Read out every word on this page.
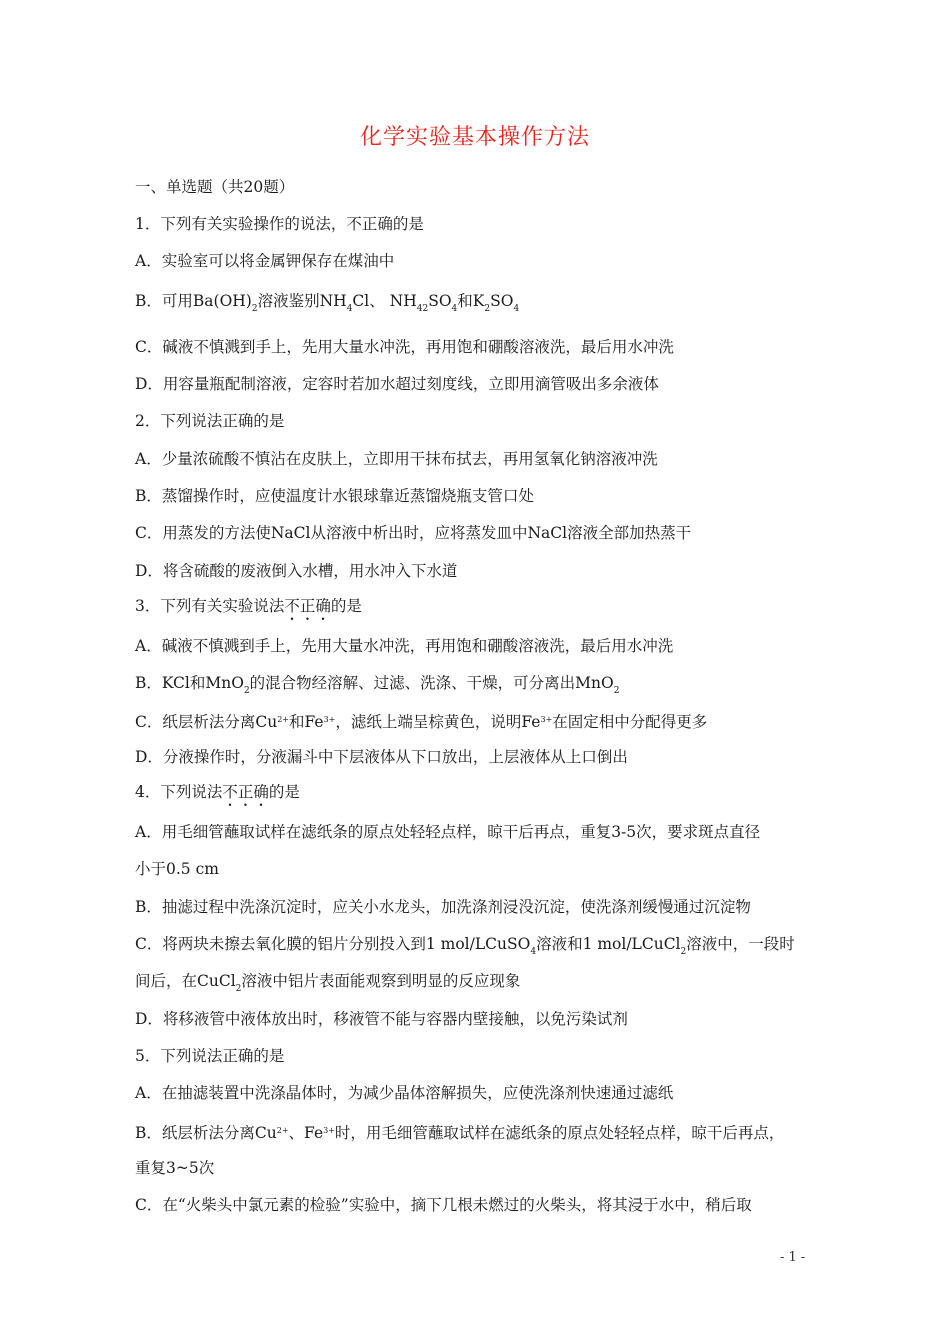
化学实验基本操作方法
一、单选题（共20题）
1．下列有关实验操作的说法，不正确的是
A．实验室可以将金属钾保存在煤油中
B．可用$Ba(OH)_2$溶液鉴别$NH_4Cl$、 $NH_{42}SO_4$和$K_2SO_4$
C．碱液不慎溅到手上，先用大量水冲洗，再用饱和硼酸溶液洗，最后用水冲洗
D．用容量瓶配制溶液，定容时若加水超过刻度线，立即用滴管吸出多余液体
2．下列说法正确的是
A．少量浓硫酸不慎沾在皮肤上，立即用干抹布拭去，再用氢氧化钠溶液冲洗
B．蒸馏操作时，应使温度计水银球靠近蒸馏烧瓶支管口处
C．用蒸发的方法使NaCl从溶液中析出时，应将蒸发皿中NaCl溶液全部加热蒸干
D．将含硫酸的废液倒入水槽，用水冲入下水道
3．下列有关实验说法不正确的是
A．碱液不慎溅到手上，先用大量水冲洗，再用饱和硼酸溶液洗，最后用水冲洗
B．KCl和MnO$_2$的混合物经溶解、过滤、洗涤、干燥，可分离出MnO$_2$
C．纸层析法分离$Cu^{2+}$和$Fe^{3+}$，滤纸上端呈棕黄色，说明$Fe^{3+}$在固定相中分配得更多
D．分液操作时，分液漏斗中下层液体从下口放出，上层液体从上口倒出
4．下列说法不正确的是
A．用毛细管蘸取试样在滤纸条的原点处轻轻点样，晾干后再点，重复3-5次，要求斑点直径
小于0.5 cm
B．抽滤过程中洗涤沉淀时，应关小水龙头，加洗涤剂浸没沉淀，使洗涤剂缓慢通过沉淀物
C．将两块未擦去氧化膜的铝片分别投入到1 mol/LCuSO$_4$溶液和1 mol/LCuCl$_2$溶液中，一段时
间后，在CuCl$_2$溶液中铝片表面能观察到明显的反应现象
D．将移液管中液体放出时，移液管不能与容器内壁接触，以免污染试剂
5．下列说法正确的是
A．在抽滤装置中洗涤晶体时，为减少晶体溶解损失，应使洗涤剂快速通过滤纸
B．纸层析法分离$Cu^{2+}$、$Fe^{3+}$时，用毛细管蘸取试样在滤纸条的原点处轻轻点样，晾干后再点，
重复3~5次
C．在“火柴头中氯元素的检验”实验中，摘下几根未燃过的火柴头，将其浸于水中，稍后取
- 1 -
